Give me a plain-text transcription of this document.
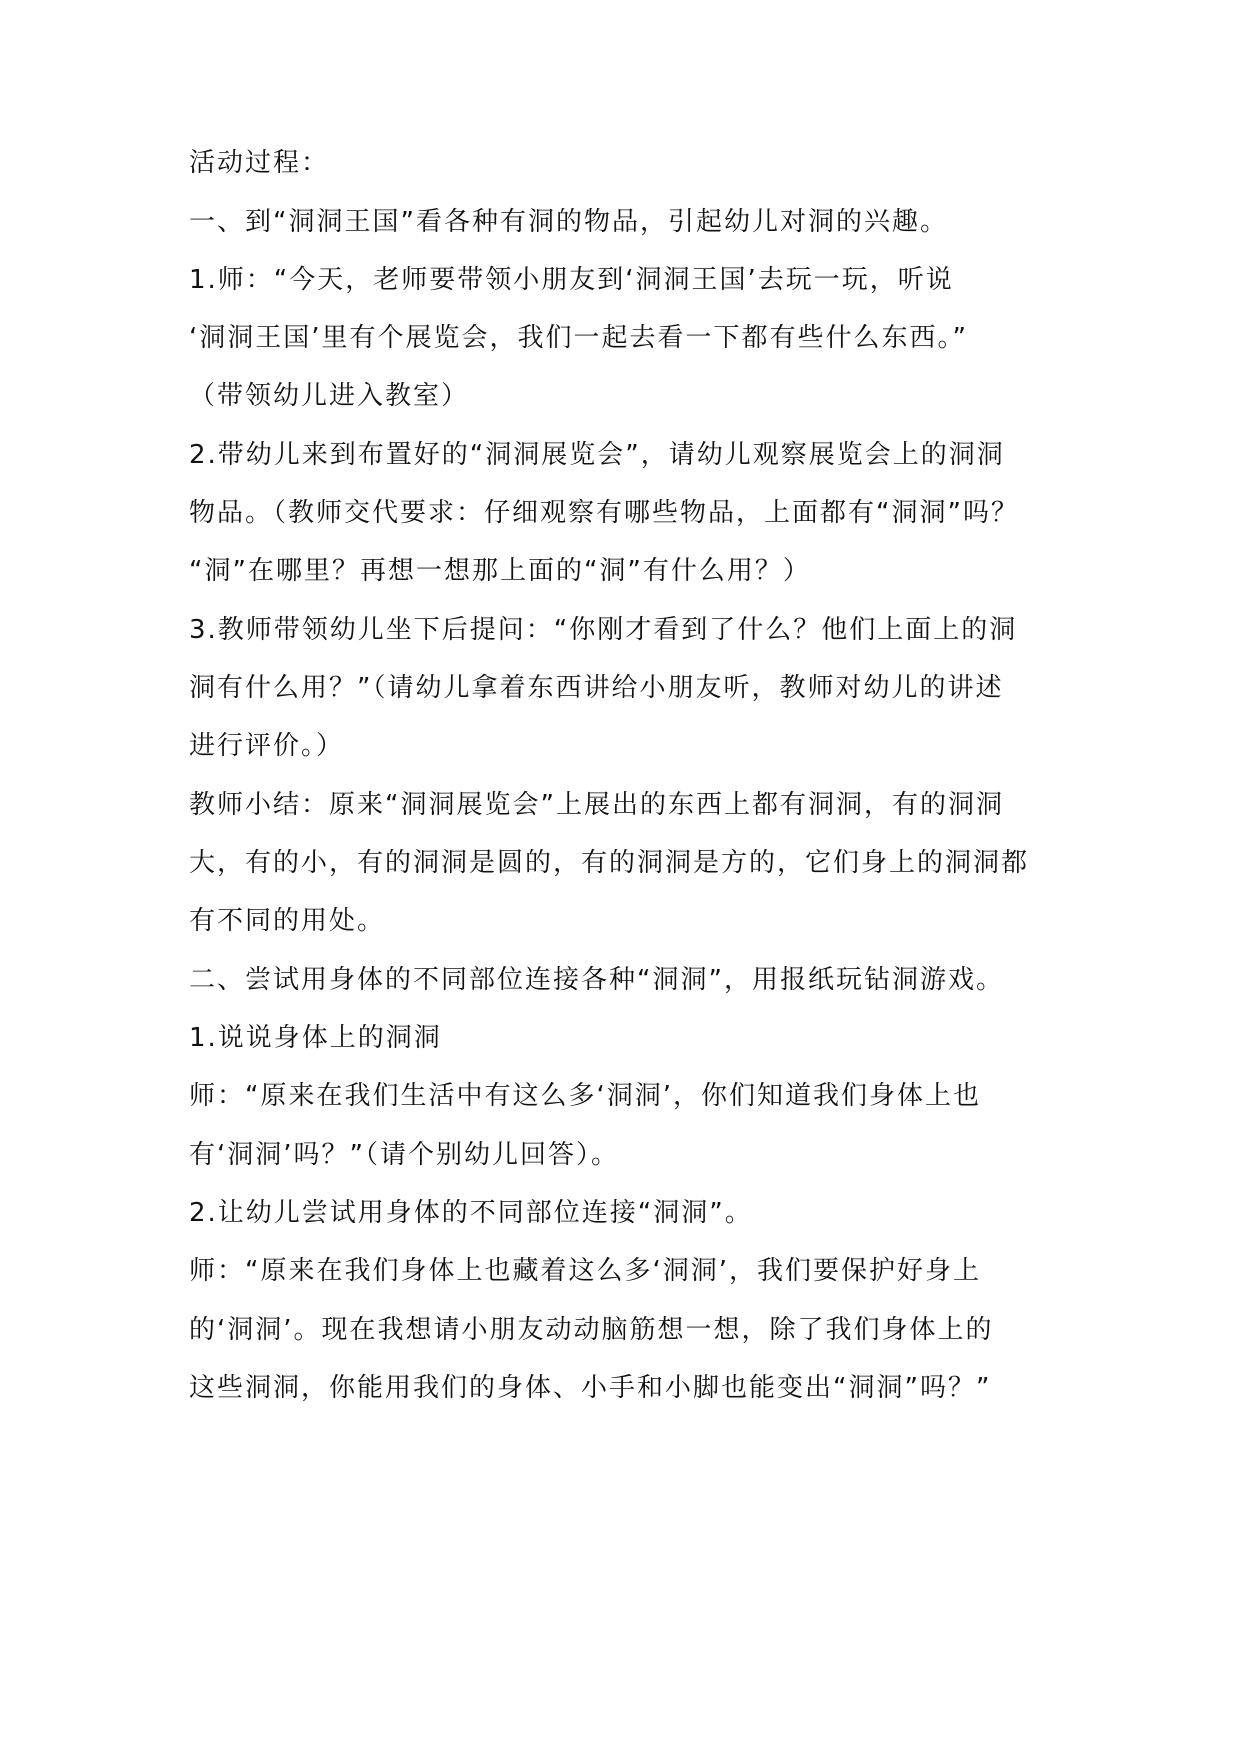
活动过程：
一、到“洞洞王国”看各种有洞的物品，引起幼儿对洞的兴趣。
1.师：“今天，老师要带领小朋友到‘洞洞王国’去玩一玩，听说
‘洞洞王国’里有个展览会，我们一起去看一下都有些什么东西。”
（带领幼儿进入教室）
2.带幼儿来到布置好的“洞洞展览会”，请幼儿观察展览会上的洞洞
物品。（教师交代要求：仔细观察有哪些物品，上面都有“洞洞”吗？
“洞”在哪里？再想一想那上面的“洞”有什么用？）
3.教师带领幼儿坐下后提问：“你刚才看到了什么？他们上面上的洞
洞有什么用？”（请幼儿拿着东西讲给小朋友听，教师对幼儿的讲述
进行评价。）
教师小结：原来“洞洞展览会”上展出的东西上都有洞洞，有的洞洞
大，有的小，有的洞洞是圆的，有的洞洞是方的，它们身上的洞洞都
有不同的用处。
二、尝试用身体的不同部位连接各种“洞洞”，用报纸玩钻洞游戏。
1.说说身体上的洞洞
师：“原来在我们生活中有这么多‘洞洞’，你们知道我们身体上也
有‘洞洞’吗？”（请个别幼儿回答）。
2.让幼儿尝试用身体的不同部位连接“洞洞”。
师：“原来在我们身体上也藏着这么多‘洞洞’，我们要保护好身上
的‘洞洞’。现在我想请小朋友动动脑筋想一想，除了我们身体上的
这些洞洞，你能用我们的身体、小手和小脚也能变出“洞洞”吗？”
